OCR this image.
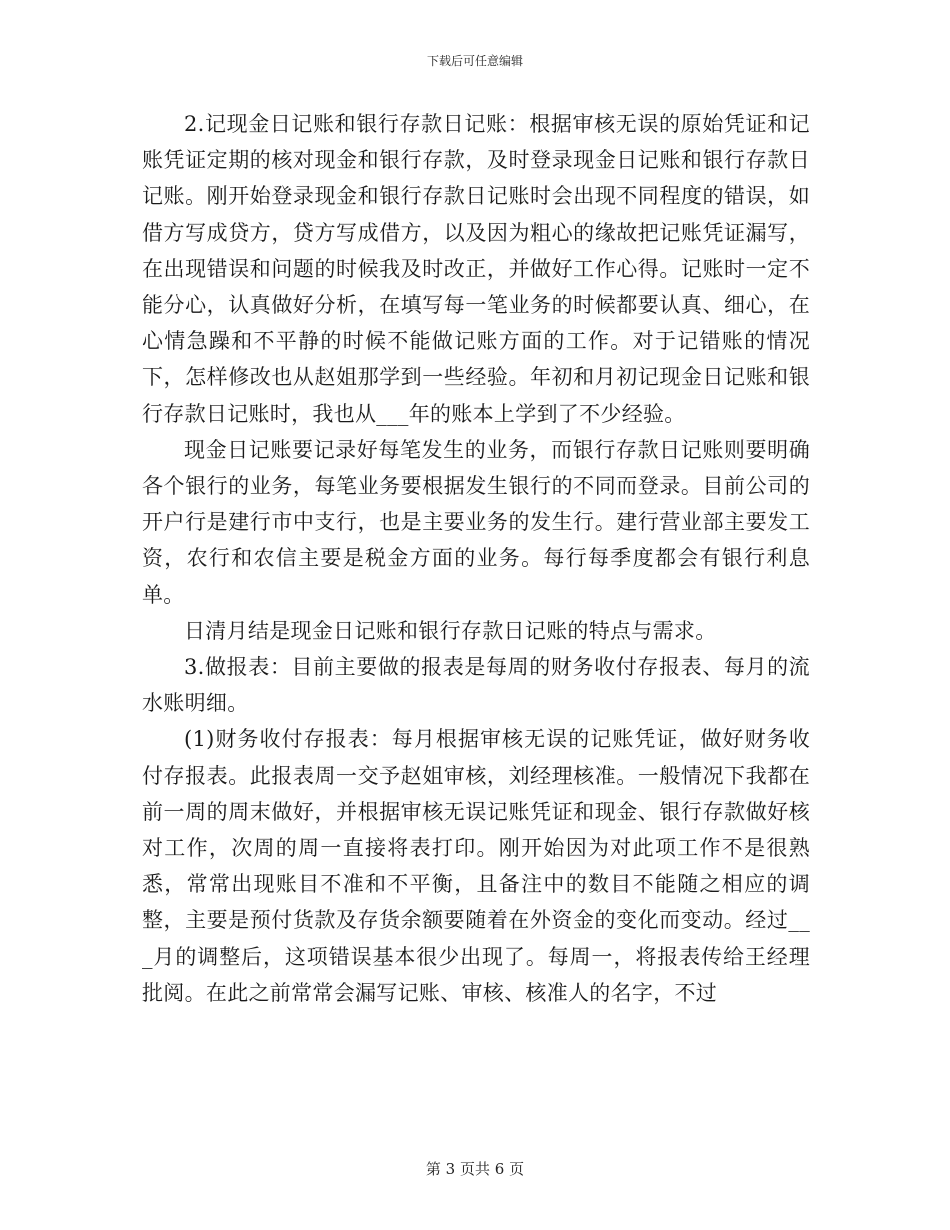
下载后可任意编辑

2.记现金日记账和银行存款日记账：根据审核无误的原始凭证和记账凭证定期的核对现金和银行存款，及时登录现金日记账和银行存款日记账。刚开始登录现金和银行存款日记账时会出现不同程度的错误，如借方写成贷方，贷方写成借方，以及因为粗心的缘故把记账凭证漏写，在出现错误和问题的时候我及时改正，并做好工作心得。记账时一定不能分心，认真做好分析，在填写每一笔业务的时候都要认真、细心，在心情急躁和不平静的时候不能做记账方面的工作。对于记错账的情况下，怎样修改也从赵姐那学到一些经验。年初和月初记现金日记账和银行存款日记账时，我也从___年的账本上学到了不少经验。

现金日记账要记录好每笔发生的业务，而银行存款日记账则要明确各个银行的业务，每笔业务要根据发生银行的不同而登录。目前公司的开户行是建行市中支行，也是主要业务的发生行。建行营业部主要发工资，农行和农信主要是税金方面的业务。每行每季度都会有银行利息单。

日清月结是现金日记账和银行存款日记账的特点与需求。

3.做报表：目前主要做的报表是每周的财务收付存报表、每月的流水账明细。

(1)财务收付存报表：每月根据审核无误的记账凭证，做好财务收付存报表。此报表周一交予赵姐审核，刘经理核准。一般情况下我都在前一周的周末做好，并根据审核无误记账凭证和现金、银行存款做好核对工作，次周的周一直接将表打印。刚开始因为对此项工作不是很熟悉，常常出现账目不准和不平衡，且备注中的数目不能随之相应的调整，主要是预付货款及存货余额要随着在外资金的变化而变动。经过___月的调整后，这项错误基本很少出现了。每周一，将报表传给王经理批阅。在此之前常常会漏写记账、审核、核准人的名字，不过

第 3 页共 6 页
